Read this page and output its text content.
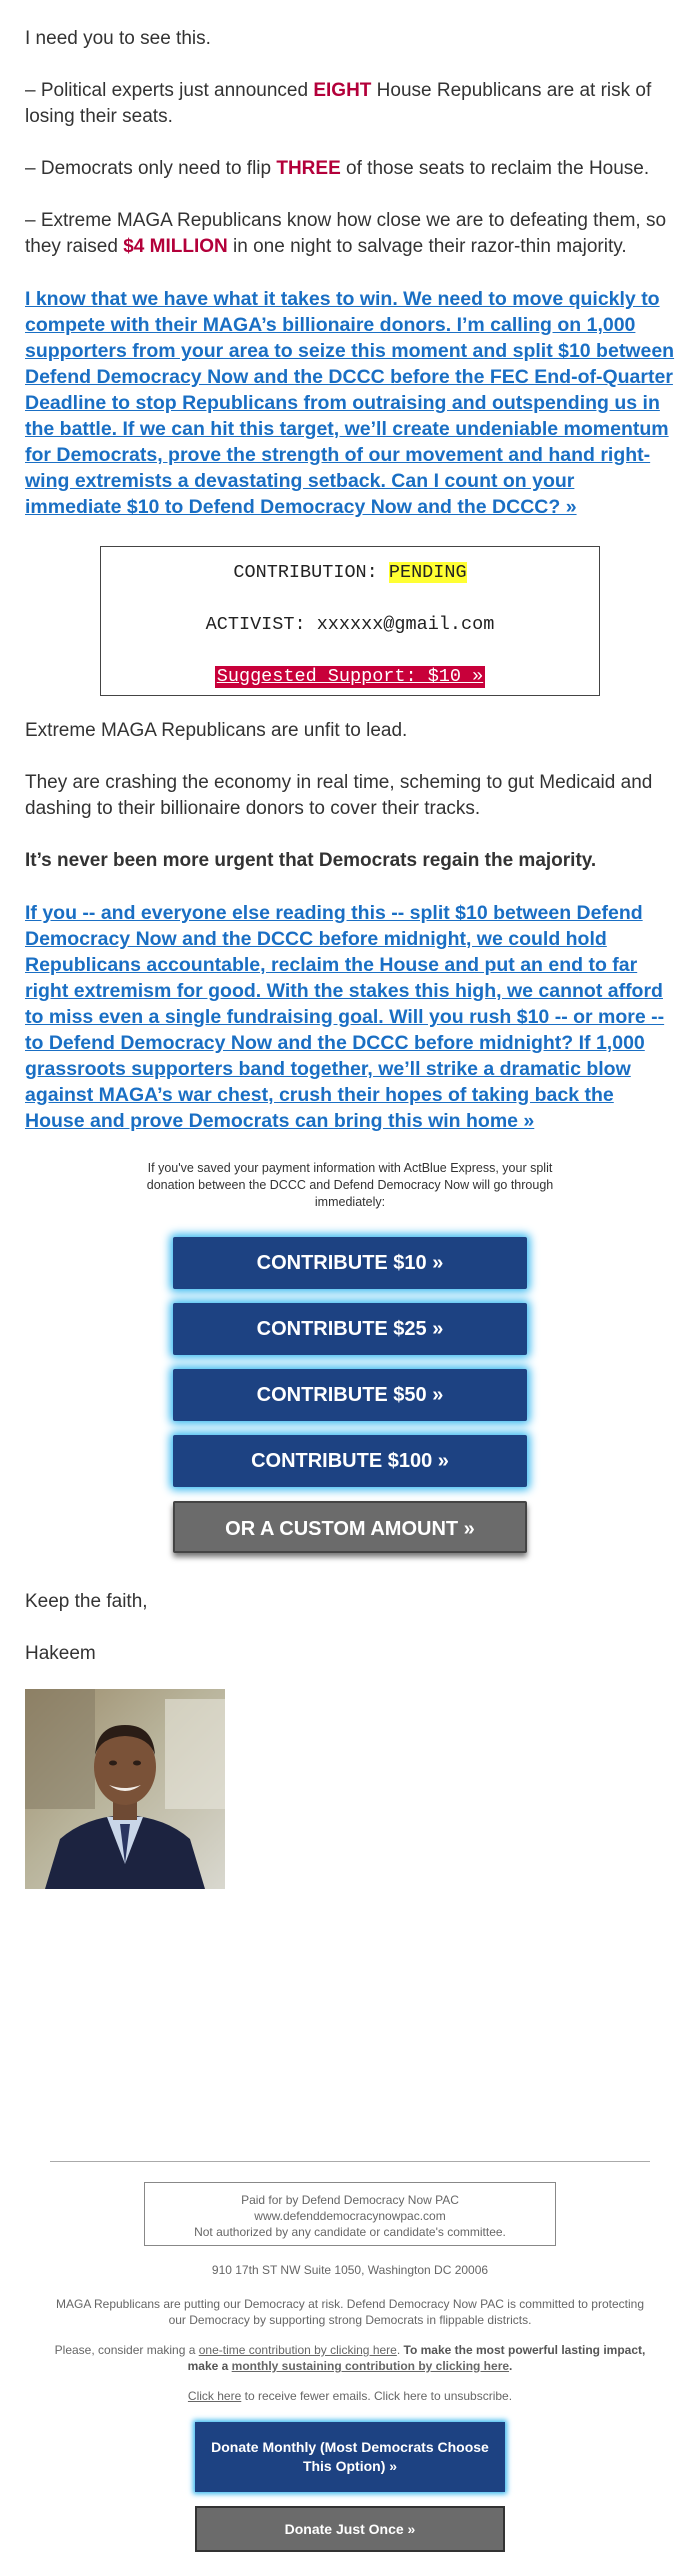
I need you to see this.

– Political experts just announced EIGHT House Republicans are at risk of losing their seats.

– Democrats only need to flip THREE of those seats to reclaim the House.

– Extreme MAGA Republicans know how close we are to defeating them, so they raised $4 MILLION in one night to salvage their razor-thin majority.

I know that we have what it takes to win. We need to move quickly to compete with their MAGA’s billionaire donors. I’m calling on 1,000 supporters from your area to seize this moment and split $10 between Defend Democracy Now and the DCCC before the FEC End-of-Quarter Deadline to stop Republicans from outraising and outspending us in the battle. If we can hit this target, we’ll create undeniable momentum for Democrats, prove the strength of our movement and hand right-wing extremists a devastating setback. Can I count on your immediate $10 to Defend Democracy Now and the DCCC? »
CONTRIBUTION: PENDING
ACTIVIST: xxxxxx@gmail.com
Suggested Support: $10 »

Extreme MAGA Republicans are unfit to lead.

They are crashing the economy in real time, scheming to gut Medicaid and dashing to their billionaire donors to cover their tracks.

It’s never been more urgent that Democrats regain the majority.

If you -- and everyone else reading this -- split $10 between Defend Democracy Now and the DCCC before midnight, we could hold Republicans accountable, reclaim the House and put an end to far right extremism for good. With the stakes this high, we cannot afford to miss even a single fundraising goal. Will you rush $10 -- or more -- to Defend Democracy Now and the DCCC before midnight? If 1,000 grassroots supporters band together, we’ll strike a dramatic blow against MAGA’s war chest, crush their hopes of taking back the House and prove Democrats can bring this win home »
If you've saved your payment information with ActBlue Express, your split donation between the DCCC and Defend Democracy Now will go through immediately:
CONTRIBUTE $10 »
CONTRIBUTE $25 »
CONTRIBUTE $50 »
CONTRIBUTE $100 »
OR A CUSTOM AMOUNT »

Keep the faith,

Hakeem

Paid for by Defend Democracy Now PAC
www.defenddemocracynowpac.com
Not authorized by any candidate or candidate's committee.
910 17th ST NW Suite 1050, Washington DC 20006
MAGA Republicans are putting our Democracy at risk. Defend Democracy Now PAC is committed to protecting our Democracy by supporting strong Democrats in flippable districts.
Please, consider making a one-time contribution by clicking here. To make the most powerful lasting impact, make a monthly sustaining contribution by clicking here.
Click here to receive fewer emails. Click here to unsubscribe.
Donate Monthly (Most Democrats Choose This Option) »
Donate Just Once »
